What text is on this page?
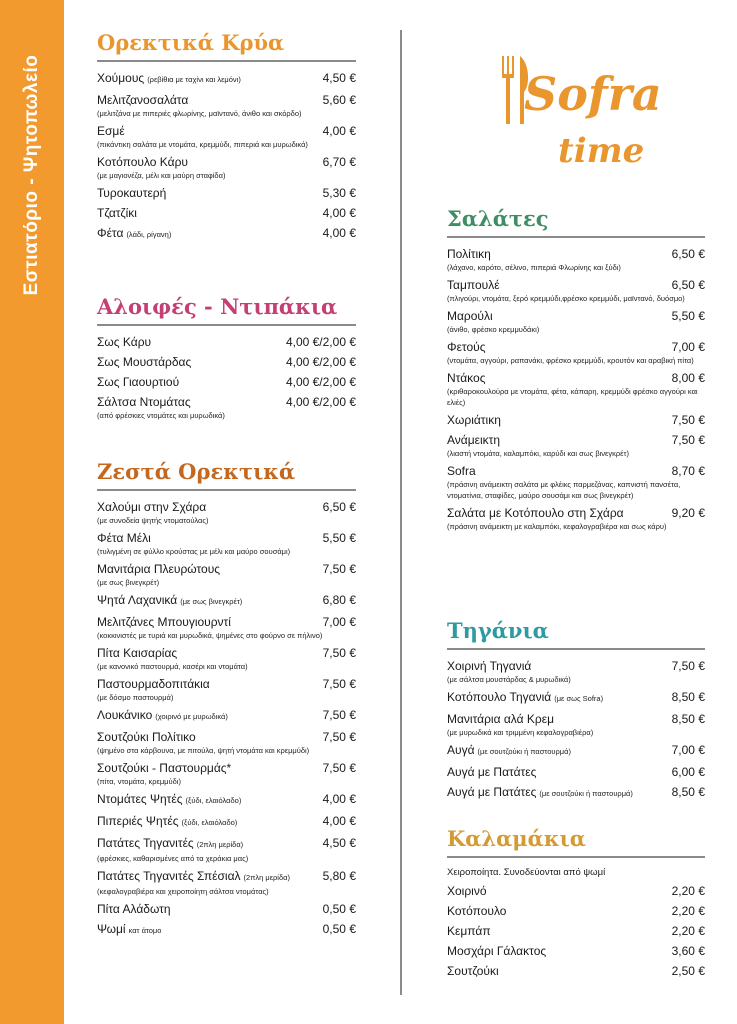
Εστιατόριο - Ψητοπωλείο	Sofra
time
Ορεκτικά Κρύα
Χούμους (ρεβίθια με ταχίνι και λεμόνι)	4,50 €
Μελιτζανοσαλάτα	5,60 €
(μελιτζάνα με πιπεριές φλωρίνης, μαϊντανό, άνιθο και σκόρδο)
Εσμέ	4,00 €
(πικάντικη σαλάτα με ντομάτα, κρεμμύδι, πιπεριά και μυρωδικά)
Κοτόπουλο Κάρυ	6,70 €
(με μαγιονέζα, μέλι και μαύρη σταφίδα)
Τυροκαυτερή	5,30 €
Τζατζίκι	4,00 €
Φέτα (λάδι, ρίγανη)	4,00 €
Αλοιφές - Ντιπάκια
Σως Κάρυ	4,00 €/2,00 €
Σως Μουστάρδας	4,00 €/2,00 €
Σως Γιαουρτιού	4,00 €/2,00 €
Σάλτσα Ντομάτας	4,00 €/2,00 €
(από φρέσκιες ντομάτες και μυρωδικά)
Ζεστά Ορεκτικά
Χαλούμι στην Σχάρα	6,50 €
(με συνοδεία ψητής ντοματούλας)
Φέτα Μέλι	5,50 €
(τυλιγμένη σε φύλλο κρούστας με μέλι και μαύρο σουσάμι)
Μανιτάρια Πλευρώτους	7,50 €
(με σως βινεγκρέτ)
Ψητά Λαχανικά (με σως βινεγκρέτ)	6,80 €
Μελιτζάνες Μπουγιουρντί	7,00 €
(κοκκινιστές με τυριά και μυρωδικά, ψημένες στο φούρνο σε πήλινο)
Πίτα Καισαρίας	7,50 €
(με κανονικό παστουρμά, κασέρι και ντομάτα)
Παστουρμαδοπιτάκια	7,50 €
(με δόσμο παστουρμά)
Λουκάνικο (χοιρινό με μυρωδικά)	7,50 €
Σουτζούκι Πολίτικο	7,50 €
(ψημένο στα κάρβουνα, με πιτούλα, ψητή ντομάτα και κρεμμύδι)
Σουτζούκι - Παστουρμάς*	7,50 €
(πίτα, ντομάτα, κρεμμύδι)
Ντομάτες Ψητές (ξύδι, ελαιόλαδο)	4,00 €
Πιπεριές Ψητές (ξύδι, ελαιόλαδο)	4,00 €
Πατάτες Τηγανιτές (2πλη μερίδα)	4,50 €
(φρέσκιες, καθαρισμένες από τα χεράκια μας)
Πατάτες Τηγανιτές Σπέσιαλ (2πλη μερίδα)	5,80 €
(κεφαλογραβιέρα και χειροποίητη σάλτσα ντομάτας)
Πίτα Αλάδωτη	0,50 €
Ψωμί κατ άτομο	0,50 €
Σαλάτες
Πολίτικη	6,50 €
(λάχανο, καρότο, σέλινο, πιπεριά Φλωρίνης και ξύδι)
Ταμπουλέ	6,50 €
(πλιγούρι, ντομάτα, ξερό κρεμμύδι,φρέσκο κρεμμύδι, μαϊντανό, δυόσμο)
Μαρούλι	5,50 €
(άνιθο, φρέσκο κρεμμυδάκι)
Φετούς	7,00 €
(ντομάτα, αγγούρι, ραπανάκι, φρέσκο κρεμμύδι, κρουτόν και αραβική πίτα)
Ντάκος	8,00 €
(κριθαροκουλούρα με ντομάτα, φέτα, κάπαρη, κρεμμύδι φρέσκο αγγούρι και ελιές)
Χωριάτικη	7,50 €
Ανάμεικτη	7,50 €
(λιαστή ντομάτα, καλαμπόκι, καρύδι και σως βινεγκρέτ)
Sofra	8,70 €
(πράσινη ανάμεικτη σαλάτα με φλέικς παρμεζάνας, καπνιστή πανσέτα, ντοματίνια, σταφίδες, μαύρο σουσάμι και σως βινεγκρέτ)
Σαλάτα με Κοτόπουλο στη Σχάρα	9,20 €
(πράσινη ανάμεικτη με καλαμπόκι, κεφαλογραβιέρα και σως κάρυ)
Τηγάνια
Χοιρινή Τηγανιά	7,50 €
(με σάλτσα μουστάρδας & μυρωδικά)
Κοτόπουλο Τηγανιά (με σως Sofra)	8,50 €
Μανιτάρια αλά Κρεμ	8,50 €
(με μυρωδικά και τριμμένη κεφαλογραβιέρα)
Αυγά (με σουτζούκι ή παστουρμά)	7,00 €
Αυγά με Πατάτες	6,00 €
Αυγά με Πατάτες (με σουτζούκι ή παστουρμά)	8,50 €
Καλαμάκια
Χειροποίητα. Συνοδεύονται από ψωμί
Χοιρινό	2,20 €
Κοτόπουλο	2,20 €
Κεμπάπ	2,20 €
Μοσχάρι Γάλακτος	3,60 €
Σουτζούκι	2,50 €
